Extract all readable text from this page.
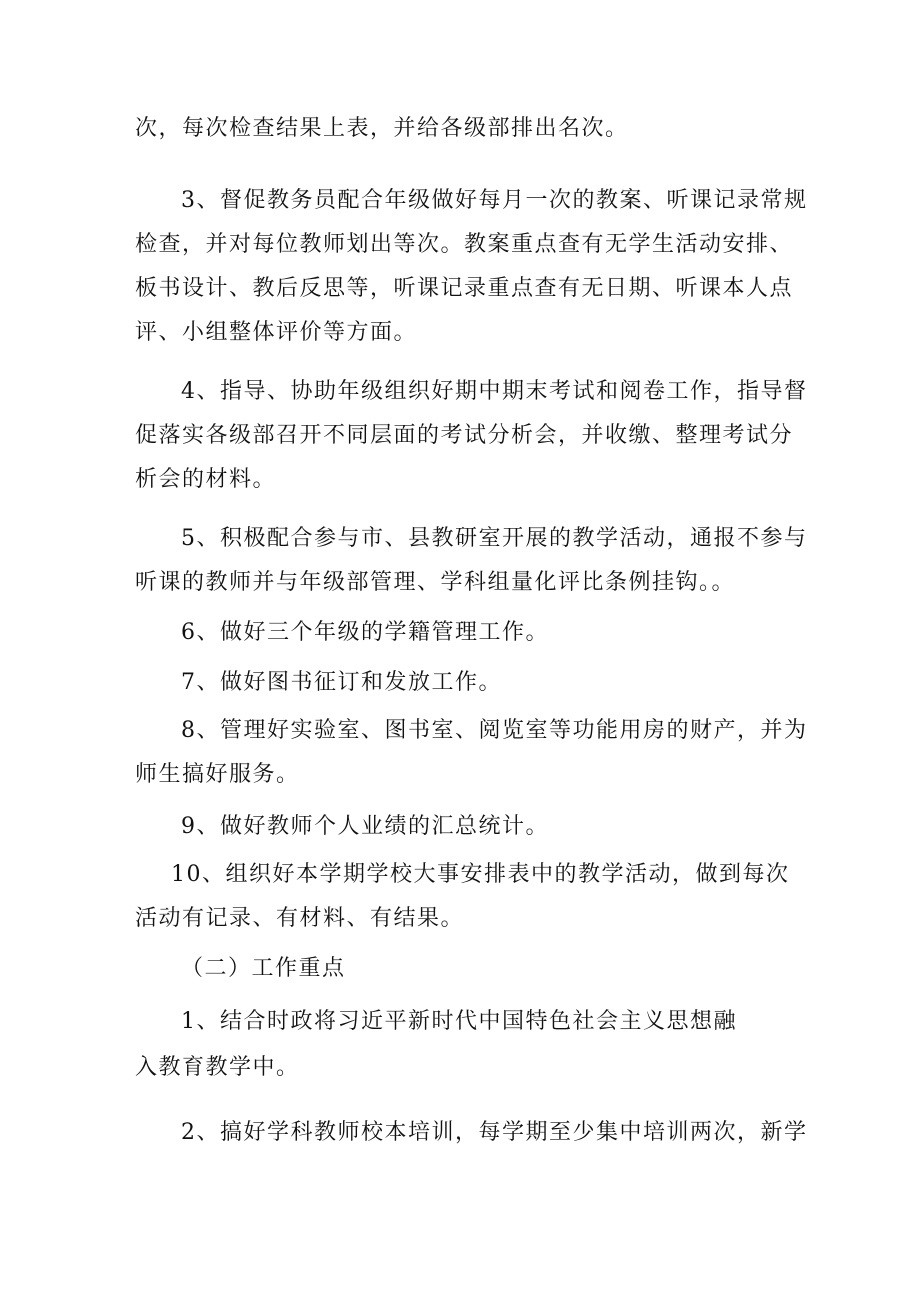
次，每次检查结果上表，并给各级部排出名次。
3、督促教务员配合年级做好每月一次的教案、听课记录常规
检查，并对每位教师划出等次。教案重点查有无学生活动安排、
板书设计、教后反思等，听课记录重点查有无日期、听课本人点
评、小组整体评价等方面。
4、指导、协助年级组织好期中期末考试和阅卷工作，指导督
促落实各级部召开不同层面的考试分析会，并收缴、整理考试分
析会的材料。
5、积极配合参与市、县教研室开展的教学活动，通报不参与
听课的教师并与年级部管理、学科组量化评比条例挂钩。。
6、做好三个年级的学籍管理工作。
7、做好图书征订和发放工作。
8、管理好实验室、图书室、阅览室等功能用房的财产，并为
师生搞好服务。
9、做好教师个人业绩的汇总统计。
10、组织好本学期学校大事安排表中的教学活动，做到每次
活动有记录、有材料、有结果。
（二）工作重点
1、结合时政将习近平新时代中国特色社会主义思想融
入教育教学中。
2、搞好学科教师校本培训，每学期至少集中培训两次，新学
